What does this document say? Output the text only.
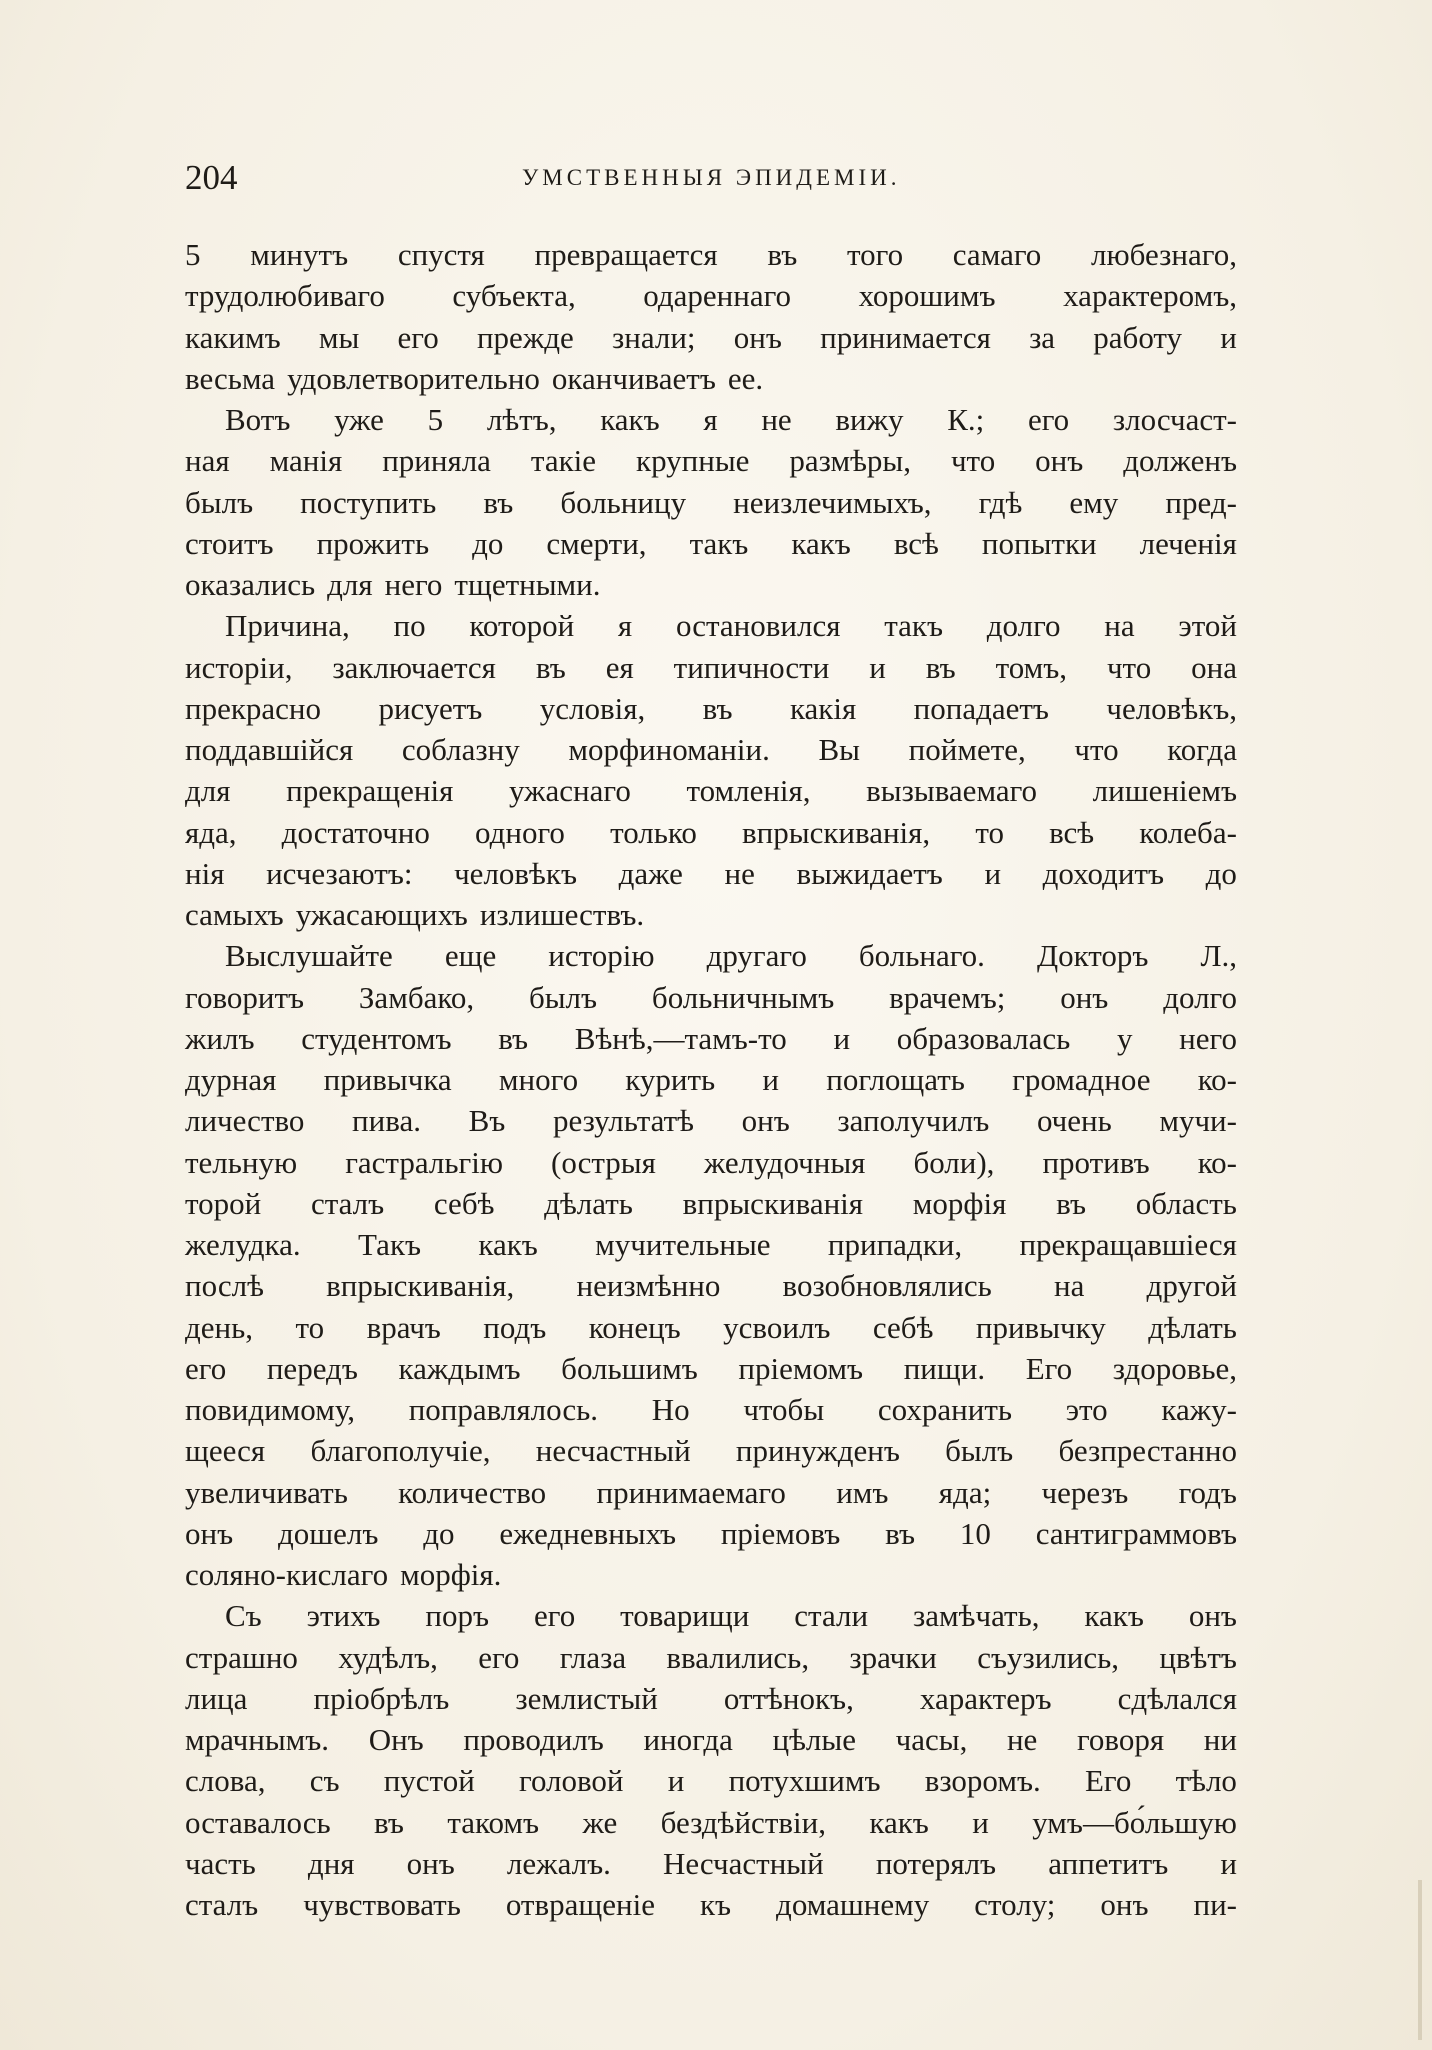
204	УМСТВЕННЫЯ ЭПИДЕМІИ.
5 минутъ спустя превращается въ того самаго любезнаго,
трудолюбиваго субъекта, одареннаго хорошимъ характеромъ,
какимъ мы его прежде знали; онъ принимается за работу и
весьма удовлетворительно оканчиваетъ ее.
Вотъ уже 5 лѣтъ, какъ я не вижу К.; его злосчаст-
ная манія приняла такіе крупные размѣры, что онъ долженъ
былъ поступить въ больницу неизлечимыхъ, гдѣ ему пред-
стоитъ прожить до смерти, такъ какъ всѣ попытки леченія
оказались для него тщетными.
Причина, по которой я остановился такъ долго на этой
исторіи, заключается въ ея типичности и въ томъ, что она
прекрасно рисуетъ условія, въ какія попадаетъ человѣкъ,
поддавшійся соблазну морфиноманіи. Вы поймете, что когда
для прекращенія ужаснаго томленія, вызываемаго лишеніемъ
яда, достаточно одного только впрыскиванія, то всѣ колеба-
нія исчезаютъ: человѣкъ даже не выжидаетъ и доходитъ до
самыхъ ужасающихъ излишествъ.
Выслушайте еще исторію другаго больнаго. Докторъ Л.,
говоритъ Замбако, былъ больничнымъ врачемъ; онъ долго
жилъ студентомъ въ Вѣнѣ,—тамъ-то и образовалась у него
дурная привычка много курить и поглощать громадное ко-
личество пива. Въ результатѣ онъ заполучилъ очень мучи-
тельную гастральгію (острыя желудочныя боли), противъ ко-
торой сталъ себѣ дѣлать впрыскиванія морфія въ область
желудка. Такъ какъ мучительные припадки, прекращавшіеся
послѣ впрыскиванія, неизмѣнно возобновлялись на другой
день, то врачъ подъ конецъ усвоилъ себѣ привычку дѣлать
его передъ каждымъ большимъ пріемомъ пищи. Его здоровье,
повидимому, поправлялось. Но чтобы сохранить это кажу-
щееся благополучіе, несчастный принужденъ былъ безпрестанно
увеличивать количество принимаемаго имъ яда; черезъ годъ
онъ дошелъ до ежедневныхъ пріемовъ въ 10 сантиграммовъ
соляно-кислаго морфія.
Съ этихъ поръ его товарищи стали замѣчать, какъ онъ
страшно худѣлъ, его глаза ввалились, зрачки съузились, цвѣтъ
лица пріобрѣлъ землистый оттѣнокъ, характеръ сдѣлался
мрачнымъ. Онъ проводилъ иногда цѣлые часы, не говоря ни
слова, съ пустой головой и потухшимъ взоромъ. Его тѣло
оставалось въ такомъ же бездѣйствіи, какъ и умъ—бо́льшую
часть дня онъ лежалъ. Несчастный потерялъ аппетитъ и
сталъ чувствовать отвращеніе къ домашнему столу; онъ пи-
